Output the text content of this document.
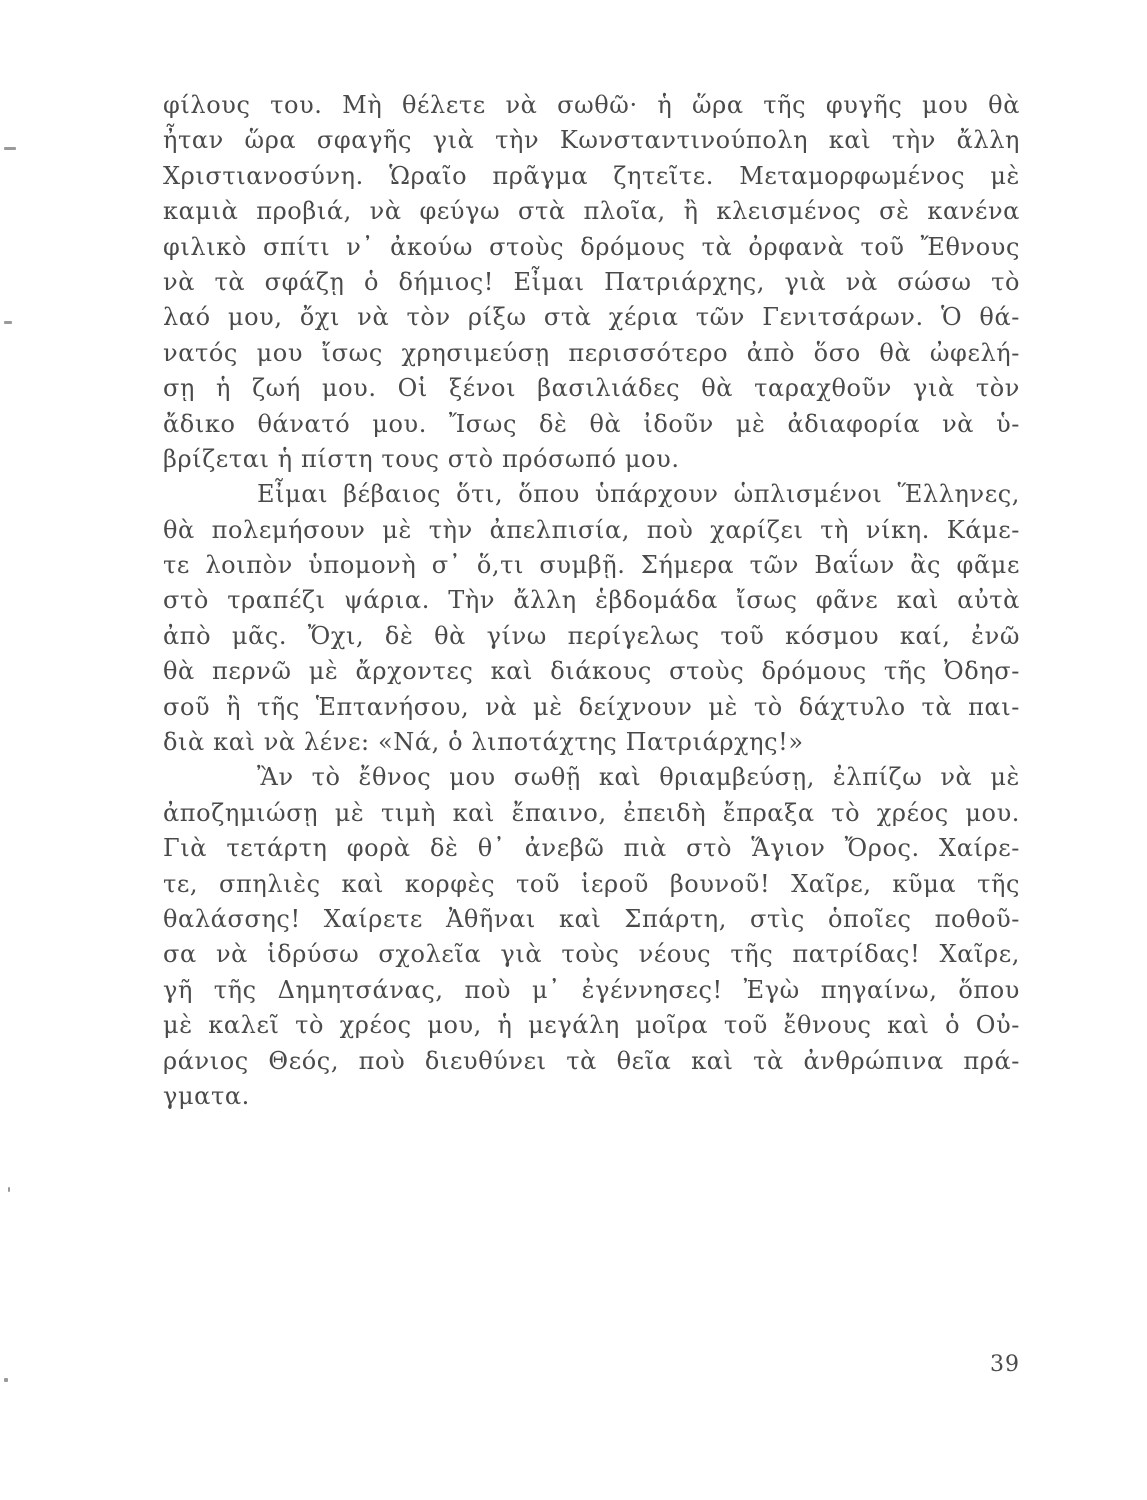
φίλους του. Μὴ θέλετε νὰ σωθῶ· ἡ ὥρα τῆς φυγῆς μου θὰ
ἦταν ὥρα σφαγῆς γιὰ τὴν Κωνσταντινούπολη καὶ τὴν ἄλλη
Χριστιανοσύνη. Ὡραῖο πρᾶγμα ζητεῖτε. Μεταμορφωμένος μὲ
καμιὰ προβιά, νὰ φεύγω στὰ πλοῖα, ἢ κλεισμένος σὲ κανένα
φιλικὸ σπίτι ν᾽ ἀκούω στοὺς δρόμους τὰ ὀρφανὰ τοῦ Ἔθνους
νὰ τὰ σφάζῃ ὁ δήμιος! Εἶμαι Πατριάρχης, γιὰ νὰ σώσω τὸ
λαό μου, ὄχι νὰ τὸν ρίξω στὰ χέρια τῶν Γενιτσάρων. Ὁ θά-
νατός μου ἴσως χρησιμεύσῃ περισσότερο ἀπὸ ὅσο θὰ ὠφελή-
σῃ ἡ ζωή μου. Οἱ ξένοι βασιλιάδες θὰ ταραχθοῦν γιὰ τὸν
ἄδικο θάνατό μου. Ἴσως δὲ θὰ ἰδοῦν μὲ ἀδιαφορία νὰ ὑ-
βρίζεται ἡ πίστη τους στὸ πρόσωπό μου.
Εἶμαι βέβαιος ὅτι, ὅπου ὑπάρχουν ὡπλισμένοι Ἕλληνες,
θὰ πολεμήσουν μὲ τὴν ἀπελπισία, ποὺ χαρίζει τὴ νίκη. Κάμε-
τε λοιπὸν ὑπομονὴ σ᾽ ὅ,τι συμβῇ. Σήμερα τῶν Βαΐων ἂς φᾶμε
στὸ τραπέζι ψάρια. Τὴν ἄλλη ἑβδομάδα ἴσως φᾶνε καὶ αὐτὰ
ἀπὸ μᾶς. Ὄχι, δὲ θὰ γίνω περίγελως τοῦ κόσμου καί, ἐνῶ
θὰ περνῶ μὲ ἄρχοντες καὶ διάκους στοὺς δρόμους τῆς Ὀδησ-
σοῦ ἢ τῆς Ἑπτανήσου, νὰ μὲ δείχνουν μὲ τὸ δάχτυλο τὰ παι-
διὰ καὶ νὰ λένε: «Νά, ὁ λιποτάχτης Πατριάρχης!»
Ἂν τὸ ἔθνος μου σωθῇ καὶ θριαμβεύσῃ, ἐλπίζω νὰ μὲ
ἀποζημιώσῃ μὲ τιμὴ καὶ ἔπαινο, ἐπειδὴ ἔπραξα τὸ χρέος μου.
Γιὰ τετάρτη φορὰ δὲ θ᾽ ἀνεβῶ πιὰ στὸ Ἅγιον Ὄρος. Χαίρε-
τε, σπηλιὲς καὶ κορφὲς τοῦ ἱεροῦ βουνοῦ! Χαῖρε, κῦμα τῆς
θαλάσσης! Χαίρετε Ἀθῆναι καὶ Σπάρτη, στὶς ὁποῖες ποθοῦ-
σα νὰ ἱδρύσω σχολεῖα γιὰ τοὺς νέους τῆς πατρίδας! Χαῖρε,
γῆ τῆς Δημητσάνας, ποὺ μ᾽ ἐγέννησες! Ἐγὼ πηγαίνω, ὅπου
μὲ καλεῖ τὸ χρέος μου, ἡ μεγάλη μοῖρα τοῦ ἔθνους καὶ ὁ Οὐ-
ράνιος Θεός, ποὺ διευθύνει τὰ θεῖα καὶ τὰ ἀνθρώπινα πρά-
γματα.
39
